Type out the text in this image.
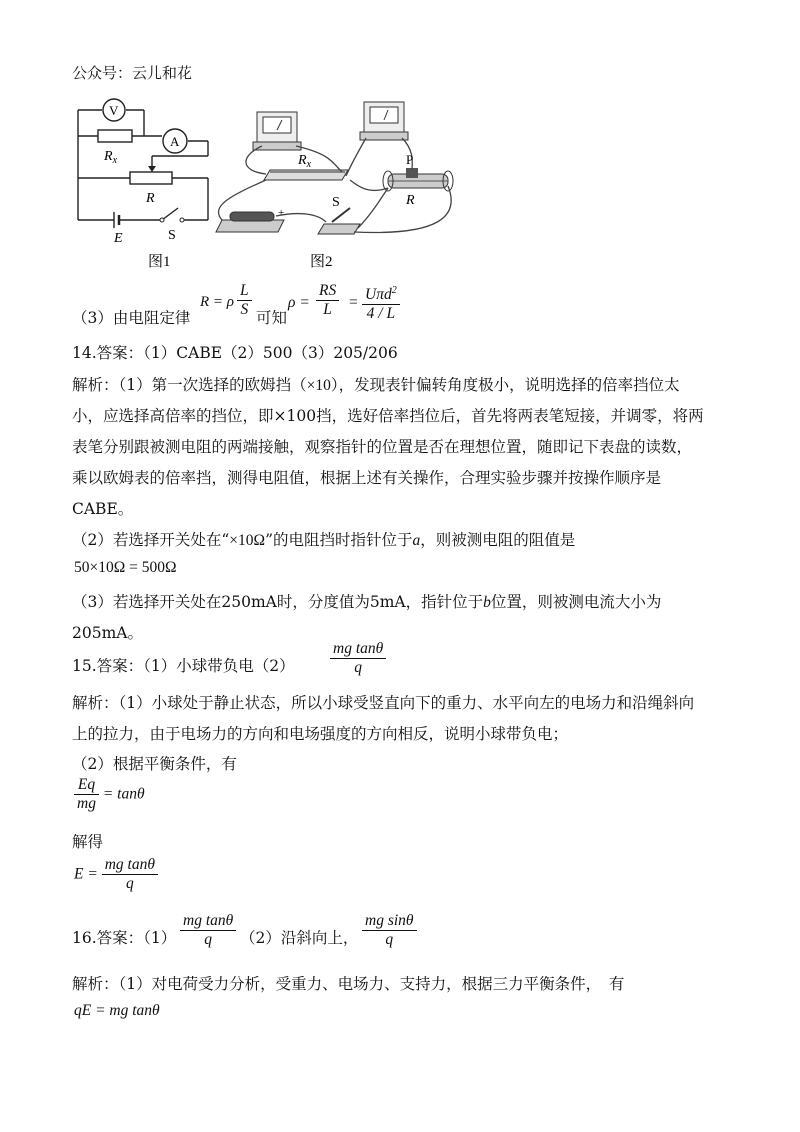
公众号：云儿和花
V
A
$R_x$
R
E	S
图1
+
P
$R_x$
R
S
图2
（3）由电阻定律
R = ρ $\frac{L}{S}$ 可知
$\rho = \frac{RS}{L} = U\pi d^2$
4 / L
14.答案：（1）CABE（2）500（3）205/206
解析：（1）第一次选择的欧姆挡（×10），发现表针偏转角度极小，说明选择的倍率挡位太
小，应选择高倍率的挡位，即×100挡，选好倍率挡位后，首先将两表笔短接，并调零，将两
表笔分别跟被测电阻的两端接触，观察指针的位置是否在理想位置，随即记下表盘的读数，
乘以欧姆表的倍率挡，测得电阻值，根据上述有关操作，合理实验步骤并按操作顺序是
CABE。
（2）若选择开关处在“×10Ω”的电阻挡时指针位于a，则被测电阻的阻值是
50×10Ω = 500Ω
（3）若选择开关处在250mA时，分度值为5mA，指针位于b位置，则被测电流大小为
205mA。
15.答案：（1）小球带负电$(2) \frac{\text{mg tanθ}}{q}$
解析：（1）小球处于静止状态，所以小球受竖直向下的重力、水平向左的电场力和沿绳斜向
上的拉力，由于电场力的方向和电场强度的方向相反，说明小球带负电；
（2）根据平衡条件，有
$\frac{Eq}{mg} = \tan\theta$
解得
$E = \frac{\text{mg tanθ}}{q}$
16.答案：$(1) \frac{\text{mg tanθ}}{q} (2)$沿斜向上， $\frac{\text{mg sinθ}}{q}$
解析：（1）对电荷受力分析，受重力、电场力、支持力，根据三力平衡条件，　有
qE = mg tanθ
